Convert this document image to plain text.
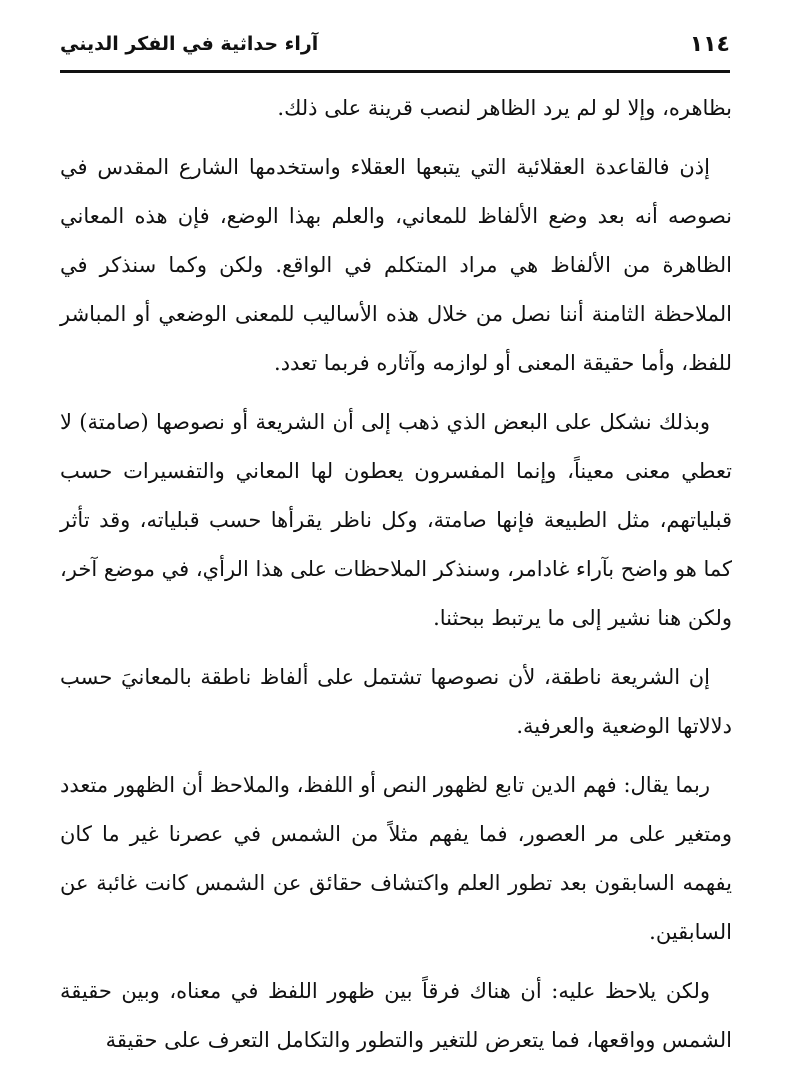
١١٤
آراء حداثية في الفكر الديني

بظاهره، وإلا لو لم يرد الظاهر لنصب قرينة على ذلك.

إذن فالقاعدة العقلائية التي يتبعها العقلاء واستخدمها الشارع المقدس في نصوصه أنه بعد وضع الألفاظ للمعاني، والعلم بهذا الوضع، فإن هذه المعاني الظاهرة من الألفاظ هي مراد المتكلم في الواقع. ولكن وكما سنذكر في الملاحظة الثامنة أننا نصل من خلال هذه الأساليب للمعنى الوضعي أو المباشر للفظ، وأما حقيقة المعنى أو لوازمه وآثاره فربما تعدد.

وبذلك نشكل على البعض الذي ذهب إلى أن الشريعة أو نصوصها (صامتة) لا تعطي معنى معيناً، وإنما المفسرون يعطون لها المعاني والتفسيرات حسب قبلياتهم، مثل الطبيعة فإنها صامتة، وكل ناظر يقرأها حسب قبلياته، وقد تأثر كما هو واضح بآراء غادامر، وسنذكر الملاحظات على هذا الرأي، في موضع آخر، ولكن هنا نشير إلى ما يرتبط ببحثنا.

إن الشريعة ناطقة، لأن نصوصها تشتمل على ألفاظ ناطقة بالمعانيَ حسب دلالاتها الوضعية والعرفية.

ربما يقال: فهم الدين تابع لظهور النص أو اللفظ، والملاحظ أن الظهور متعدد ومتغير على مر العصور، فما يفهم مثلاً من الشمس في عصرنا غير ما كان يفهمه السابقون بعد تطور العلم واكتشاف حقائق عن الشمس كانت غائبة عن السابقين.

ولكن يلاحظ عليه: أن هناك فرقاً بين ظهور اللفظ في معناه، وبين حقيقة الشمس وواقعها، فما يتعرض للتغير والتطور والتكامل التعرف على حقيقة
